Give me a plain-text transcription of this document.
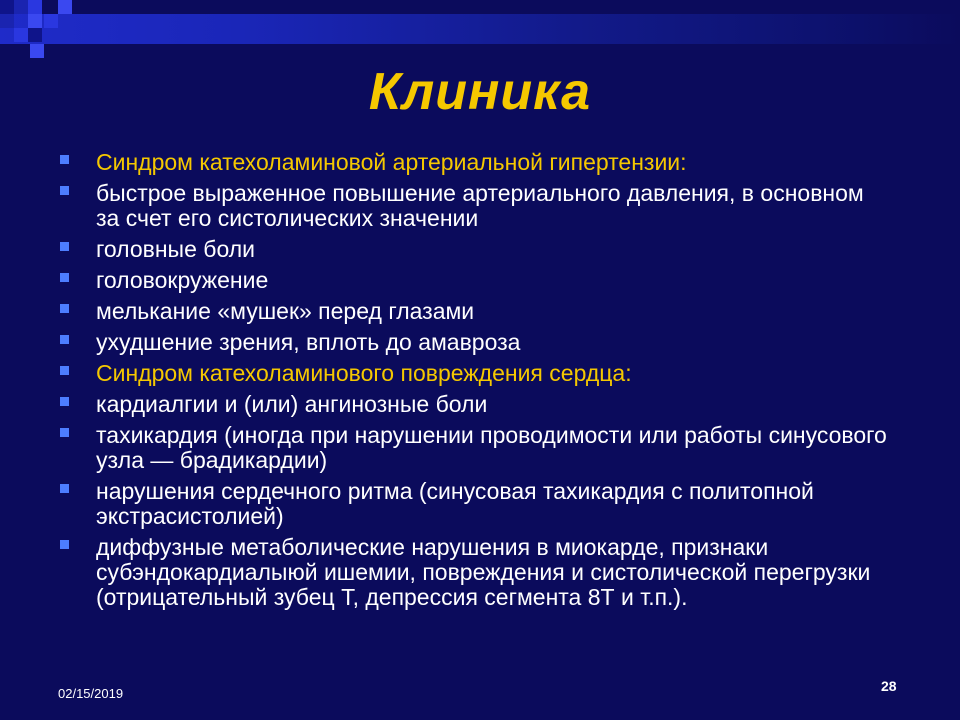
Клиника
Синдром катехоламиновой артериальной гипертензии:
быстрое выраженное повышение артериального давления, в основном за счет его систолических значении
головные боли
головокружение
мелькание «мушек» перед глазами
ухудшение зрения, вплоть до амавроза
Синдром катехоламинового повреждения сердца:
кардиалгии и (или) ангинозные боли
тахикардия (иногда при нарушении проводимости или работы синусового узла — брадикардии)
нарушения сердечного ритма (синусовая тахикардия с политопной экстрасистолией)
диффузные метаболические нарушения в миокарде, признаки субэндокардиалыюй ишемии, повреждения и систолической перегрузки (отрицательный зубец Т, депрессия сегмента 8Т и т.п.).
02/15/2019	28
